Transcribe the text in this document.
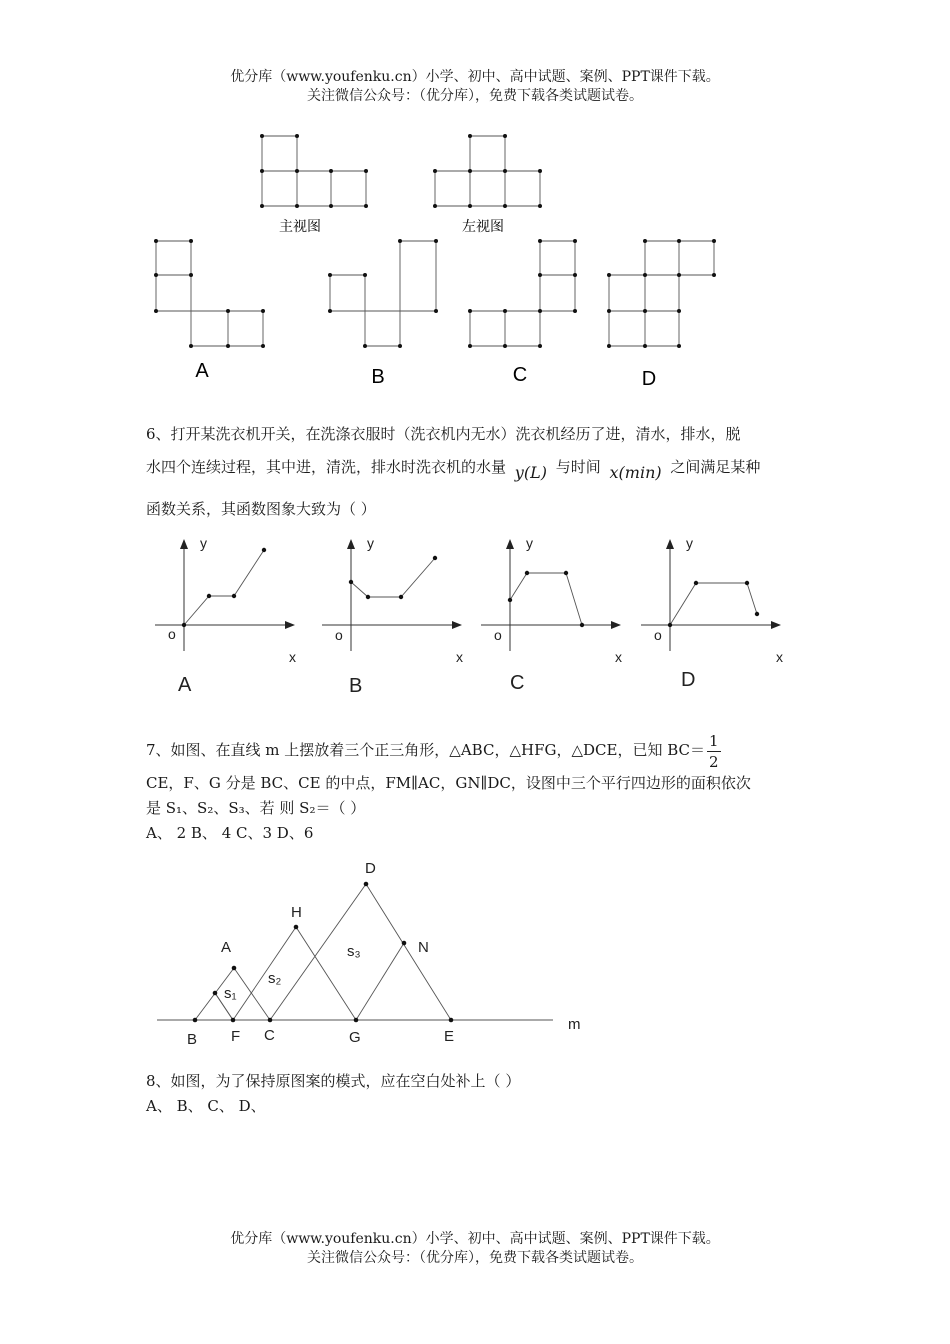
优分库（www.youfenku.cn）小学、初中、高中试题、案例、PPT课件下载。
关注微信公众号：（优分库），免费下载各类试题试卷。
主视图	左视图
A	B	C	D
6、打开某洗衣机开关，在洗涤衣服时（洗衣机内无水）洗衣机经历了进，清水，排水，脱
水四个连续过程，其中进，清洗，排水时洗衣机的水量 y(L) 与时间 x(min) 之间满足某种
函数关系，其函数图象大致为（ ）
y
o
x
y
o
x
y
o
x
y
o
x
A	B	C	D
7、如图、在直线 m 上摆放着三个正三角形，△ABC，△HFG，△DCE，已知 $BC= \frac{1}{2}$
CE，F、G 分是 BC、CE 的中点，FM∥AC，GN∥DC，设图中三个平行四边形的面积依次
是 S₁、S₂、S₃、若 则 S₂＝（ ）
A、 2 B、 4 C、3 D、6
D
H
A	N
B F C	G	E
m
s₁
s₂
s₃
8、如图，为了保持原图案的模式，应在空白处补上（ ）
A、 B、 C、 D、
优分库（www.youfenku.cn）小学、初中、高中试题、案例、PPT课件下载。
关注微信公众号：（优分库），免费下载各类试题试卷。
